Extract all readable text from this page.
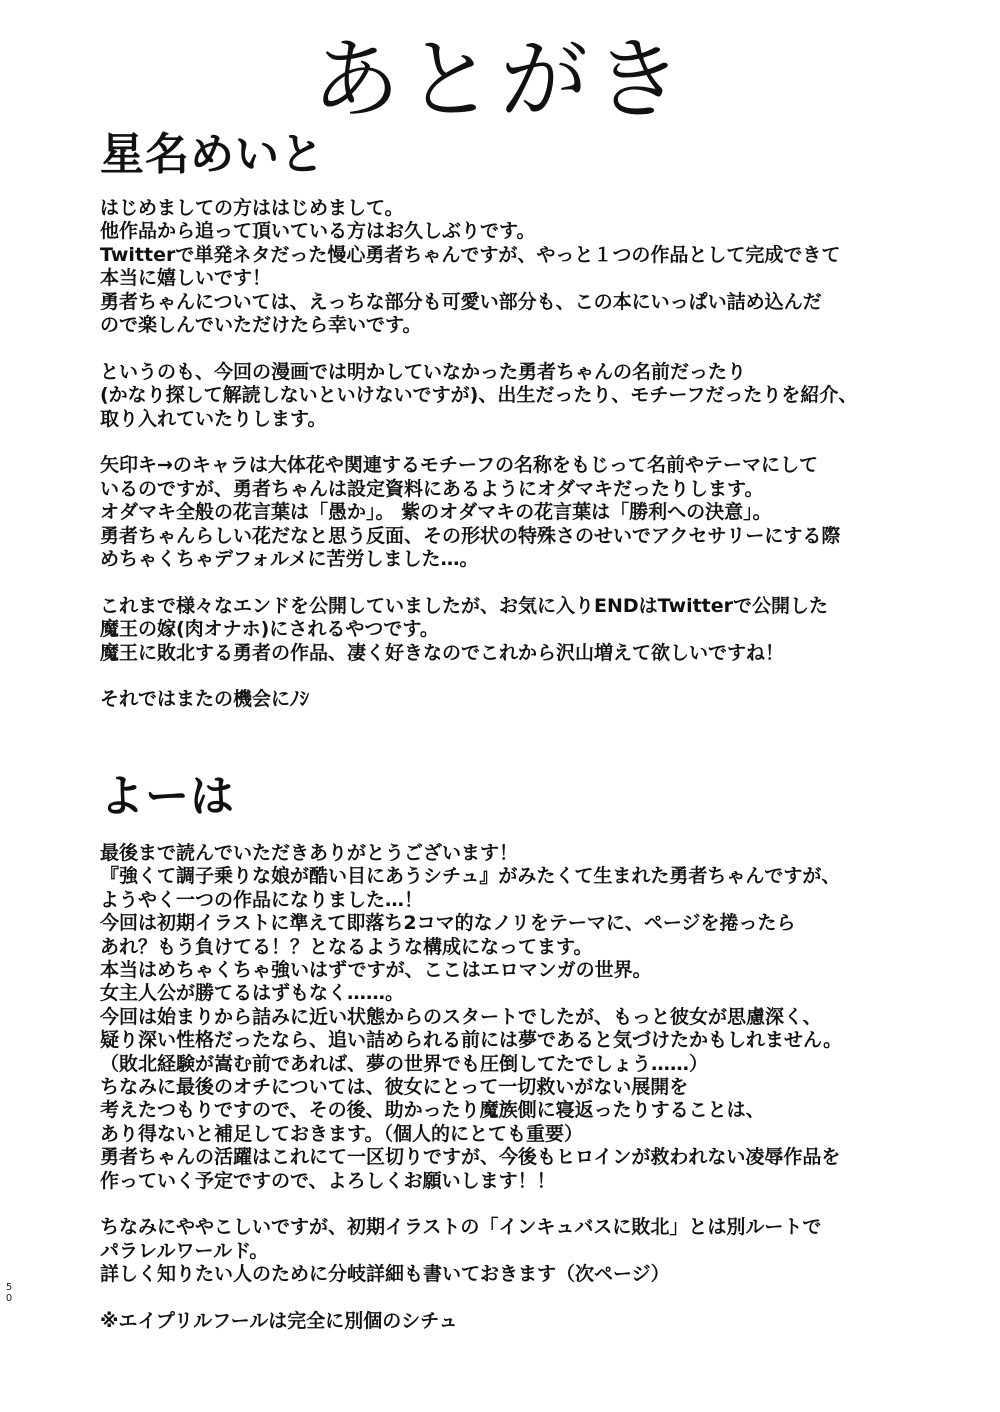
あとがき
星名めいと
はじめましての方ははじめまして。
他作品から追って頂いている方はお久しぶりです。
Twitterで単発ネタだった慢心勇者ちゃんですが、やっと１つの作品として完成できて
本当に嬉しいです！
勇者ちゃんについては、えっちな部分も可愛い部分も、この本にいっぱい詰め込んだ
ので楽しんでいただけたら幸いです。
というのも、今回の漫画では明かしていなかった勇者ちゃんの名前だったり
(かなり探して解読しないといけないですが)、出生だったり、モチーフだったりを紹介、
取り入れていたりします。
矢印キ→のキャラは大体花や関連するモチーフの名称をもじって名前やテーマにして
いるのですが、勇者ちゃんは設定資料にあるようにオダマキだったりします。
オダマキ全般の花言葉は「愚か」。 紫のオダマキの花言葉は「勝利への決意」。
勇者ちゃんらしい花だなと思う反面、その形状の特殊さのせいでアクセサリーにする際
めちゃくちゃデフォルメに苦労しました…。
これまで様々なエンドを公開していましたが、お気に入りENDはTwitterで公開した
魔王の嫁(肉オナホ)にされるやつです。
魔王に敗北する勇者の作品、凄く好きなのでこれから沢山増えて欲しいですね！
それではまたの機会にﾉｼ
よーは
最後まで読んでいただきありがとうございます！
『強くて調子乗りな娘が酷い目にあうシチュ』がみたくて生まれた勇者ちゃんですが、
ようやく一つの作品になりました…！
今回は初期イラストに準えて即落ち2コマ的なノリをテーマに、ページを捲ったら
あれ？もう負けてる！？となるような構成になってます。
本当はめちゃくちゃ強いはずですが、ここはエロマンガの世界。
女主人公が勝てるはずもなく……。
今回は始まりから詰みに近い状態からのスタートでしたが、もっと彼女が思慮深く、
疑り深い性格だったなら、追い詰められる前には夢であると気づけたかもしれません。
（敗北経験が嵩む前であれば、夢の世界でも圧倒してたでしょう……）
ちなみに最後のオチについては、彼女にとって一切救いがない展開を
考えたつもりですので、その後、助かったり魔族側に寝返ったりすることは、
あり得ないと補足しておきます。（個人的にとても重要）
勇者ちゃんの活躍はこれにて一区切りですが、今後もヒロインが救われない凌辱作品を
作っていく予定ですので、よろしくお願いします！！
ちなみにややこしいですが、初期イラストの「インキュバスに敗北」とは別ルートで
パラレルワールド。
詳しく知りたい人のために分岐詳細も書いておきます（次ページ）
※エイプリルフールは完全に別個のシチュ
50
